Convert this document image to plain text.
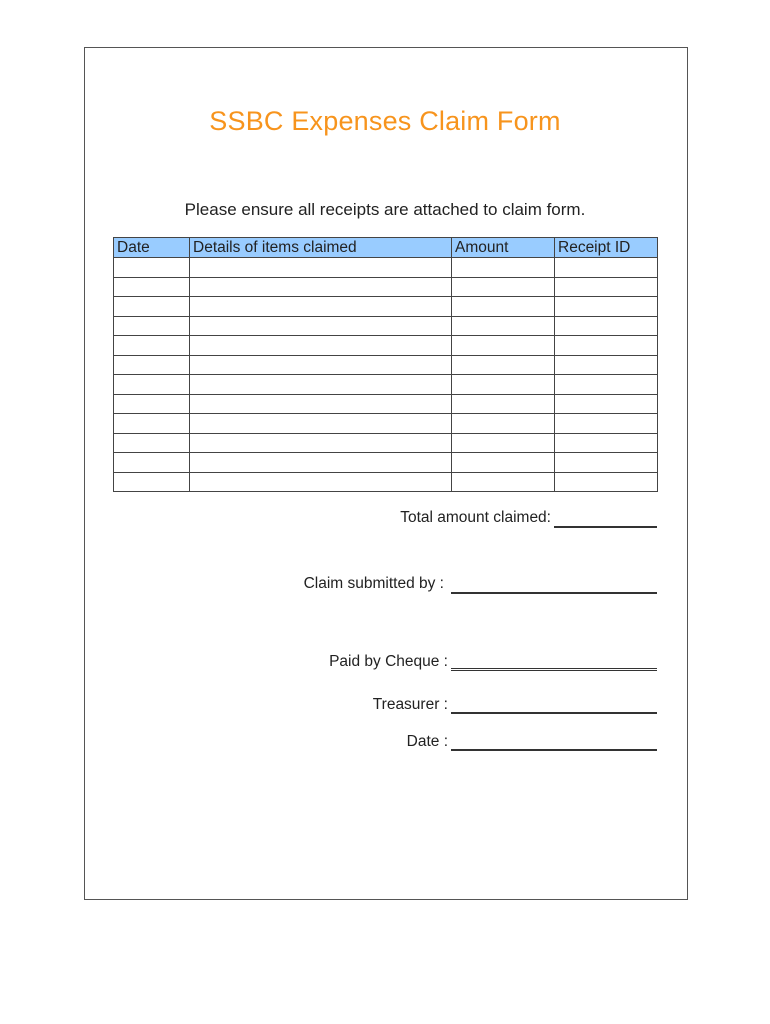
SSBC Expenses Claim Form
Please ensure all receipts are attached to claim form.
Date	Details of items claimed	Amount	Receipt ID

Total amount claimed:
Claim submitted by :
Paid by Cheque :
Treasurer :
Date :
